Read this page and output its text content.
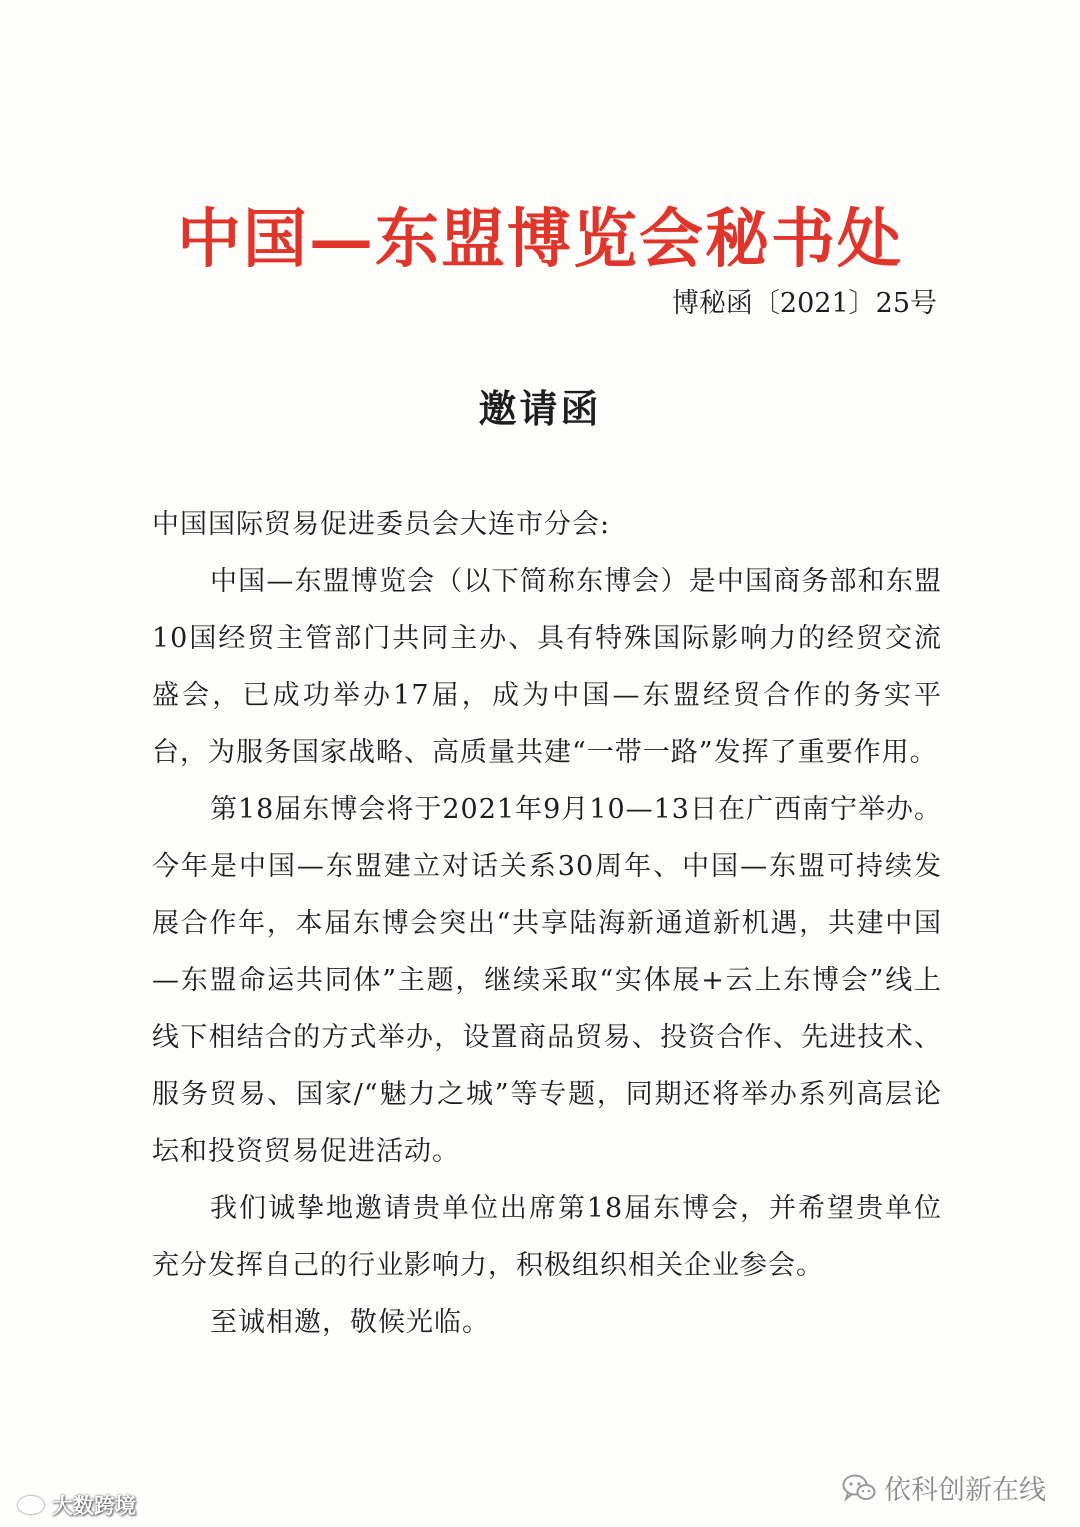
中国—东盟博览会秘书处
博秘函〔2021〕25号
邀请函

中国国际贸易促进委员会大连市分会:

中国—东盟博览会（以下简称东博会）是中国商务部和东盟10国经贸主管部门共同主办、具有特殊国际影响力的经贸交流盛会，已成功举办17届，成为中国—东盟经贸合作的务实平台，为服务国家战略、高质量共建“一带一路”发挥了重要作用。

第18届东博会将于2021年9月10—13日在广西南宁举办。今年是中国—东盟建立对话关系30周年、中国—东盟可持续发展合作年，本届东博会突出“共享陆海新通道新机遇，共建中国—东盟命运共同体”主题，继续采取“实体展+云上东博会”线上线下相结合的方式举办，设置商品贸易、投资合作、先进技术、服务贸易、国家/“魅力之城”等专题，同期还将举办系列高层论坛和投资贸易促进活动。

我们诚挚地邀请贵单位出席第18届东博会，并希望贵单位充分发挥自己的行业影响力，积极组织相关企业参会。

至诚相邀，敬候光临。

大数跨境	依科创新在线
